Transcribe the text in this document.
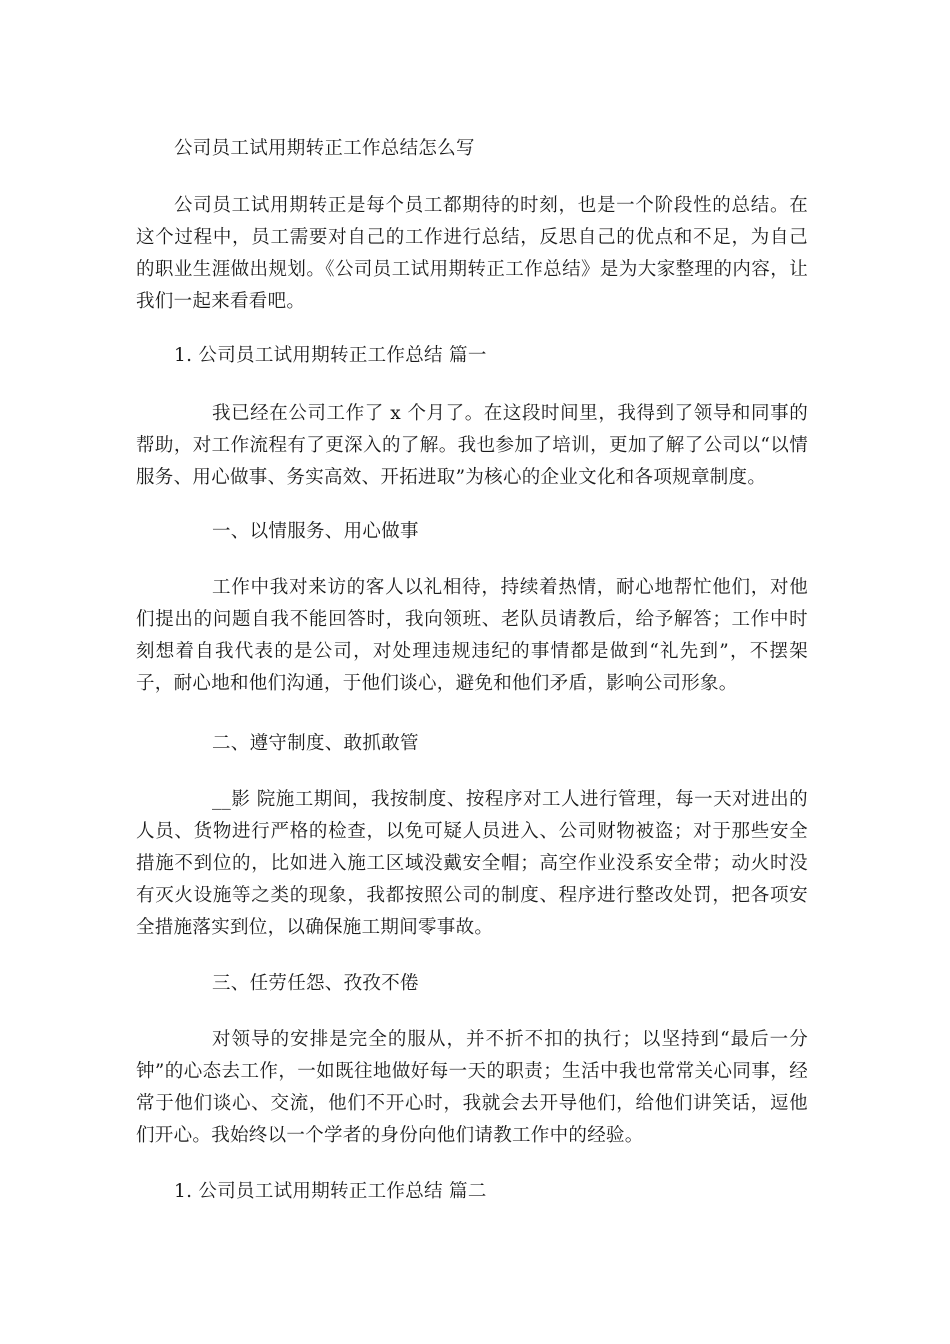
公司员工试用期转正工作总结怎么写
公司员工试用期转正是每个员工都期待的时刻，也是一个阶段性的总结。在这个过程中，员工需要对自己的工作进行总结，反思自己的优点和不足，为自己的职业生涯做出规划。《公司员工试用期转正工作总结》是为大家整理的内容，让我们一起来看看吧。
1. 公司员工试用期转正工作总结 篇一
我已经在公司工作了 x 个月了。在这段时间里，我得到了领导和同事的帮助，对工作流程有了更深入的了解。我也参加了培训，更加了解了公司以“以情服务、用心做事、务实高效、开拓进取”为核心的企业文化和各项规章制度。
一、以情服务、用心做事
工作中我对来访的客人以礼相待，持续着热情，耐心地帮忙他们，对他们提出的问题自我不能回答时，我向领班、老队员请教后，给予解答；工作中时刻想着自我代表的是公司，对处理违规违纪的事情都是做到“礼先到”，不摆架子，耐心地和他们沟通，于他们谈心，避免和他们矛盾，影响公司形象。
二、遵守制度、敢抓敢管
__影 院施工期间，我按制度、按程序对工人进行管理，每一天对进出的人员、货物进行严格的检查，以免可疑人员进入、公司财物被盗；对于那些安全措施不到位的，比如进入施工区域没戴安全帽；高空作业没系安全带；动火时没有灭火设施等之类的现象，我都按照公司的制度、程序进行整改处罚，把各项安全措施落实到位，以确保施工期间零事故。
三、任劳任怨、孜孜不倦
对领导的安排是完全的服从，并不折不扣的执行；以坚持到“最后一分钟”的心态去工作，一如既往地做好每一天的职责；生活中我也常常关心同事，经常于他们谈心、交流，他们不开心时，我就会去开导他们，给他们讲笑话，逗他们开心。我始终以一个学者的身份向他们请教工作中的经验。
1. 公司员工试用期转正工作总结 篇二
